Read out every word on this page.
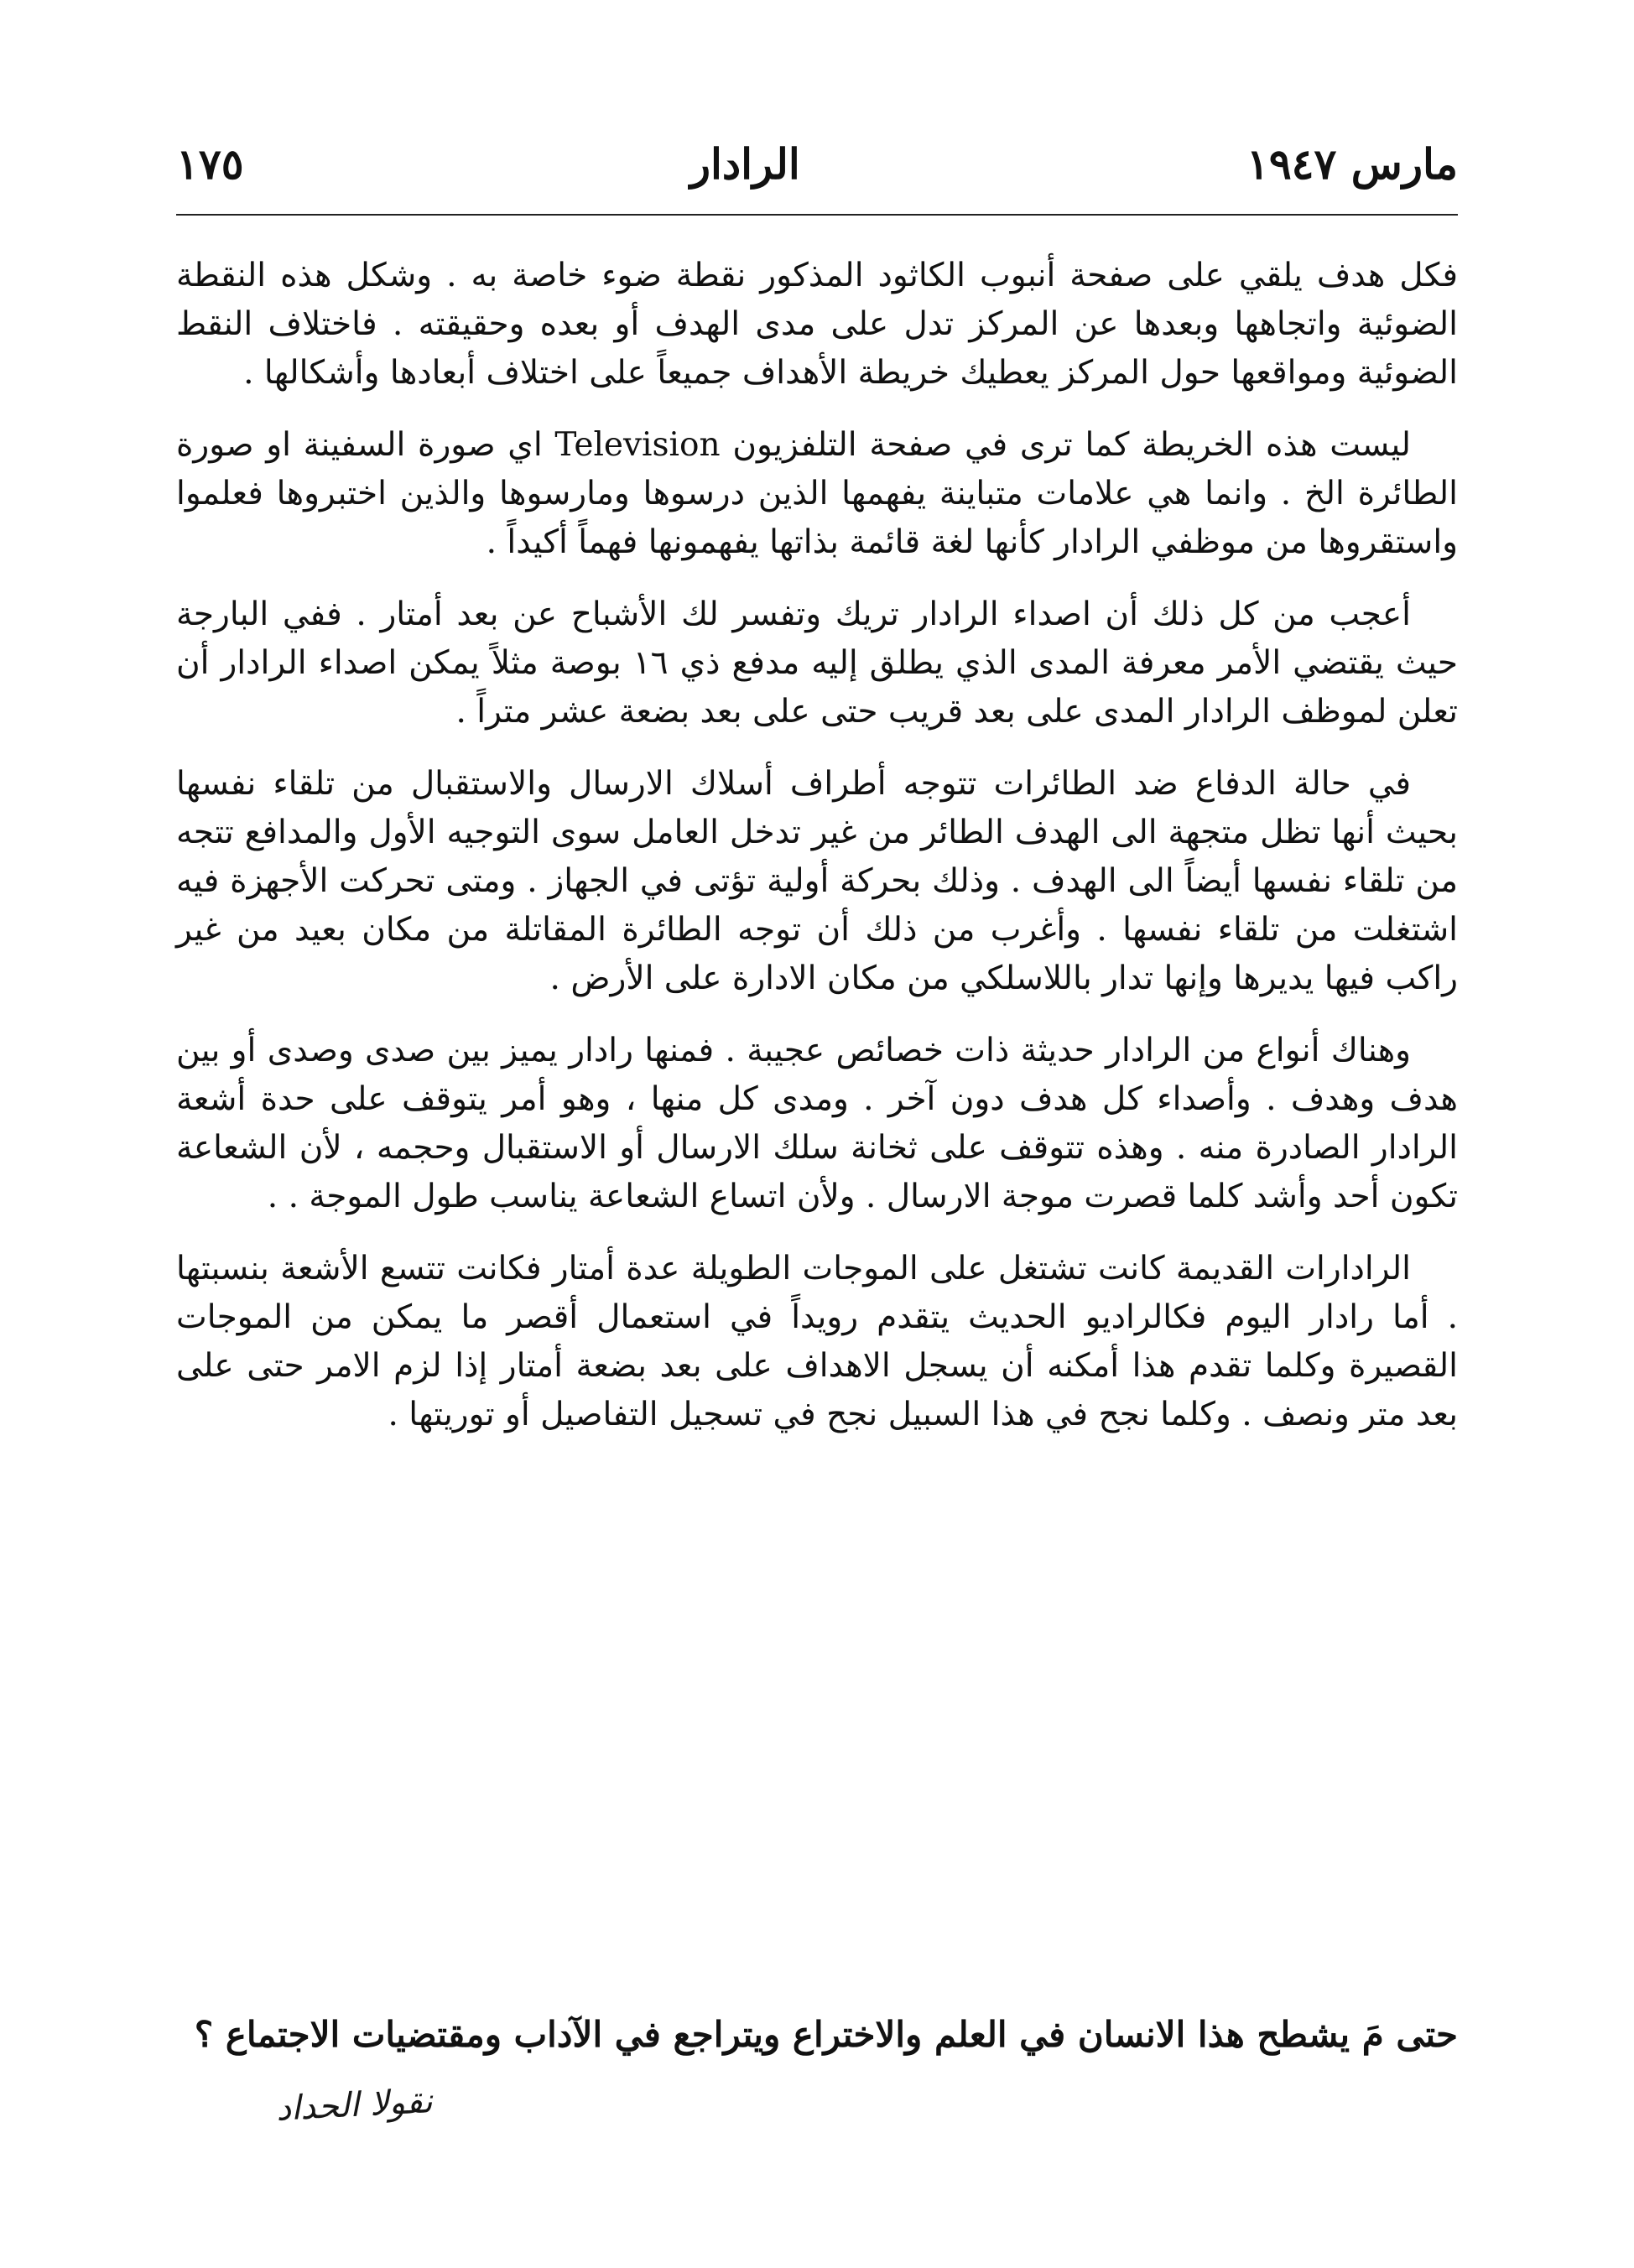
مارس ١٩٤٧
الرادار
١٧٥

فكل هدف يلقي على صفحة أنبوب الكاثود المذكور نقطة ضوء خاصة به . وشكل هذه النقطة الضوئية واتجاهها وبعدها عن المركز تدل على مدى الهدف أو بعده وحقيقته . فاختلاف النقط الضوئية ومواقعها حول المركز يعطيك خريطة الأهداف جميعاً على اختلاف أبعادها وأشكالها .

ليست هذه الخريطة كما ترى في صفحة التلفزيون Television اي صورة السفينة او صورة الطائرة الخ . وانما هي علامات متباينة يفهمها الذين درسوها ومارسوها والذين اختبروها فعلموا واستقروها من موظفي الرادار كأنها لغة قائمة بذاتها يفهمونها فهماً أكيداً .

أعجب من كل ذلك أن اصداء الرادار تريك وتفسر لك الأشباح عن بعد أمتار . ففي البارجة حيث يقتضي الأمر معرفة المدى الذي يطلق إليه مدفع ذي ١٦ بوصة مثلاً يمكن اصداء الرادار أن تعلن لموظف الرادار المدى على بعد قريب حتى على بعد بضعة عشر متراً .

في حالة الدفاع ضد الطائرات تتوجه أطراف أسلاك الارسال والاستقبال من تلقاء نفسها بحيث أنها تظل متجهة الى الهدف الطائر من غير تدخل العامل سوى التوجيه الأول والمدافع تتجه من تلقاء نفسها أيضاً الى الهدف . وذلك بحركة أولية تؤتى في الجهاز . ومتى تحركت الأجهزة فيه اشتغلت من تلقاء نفسها . وأغرب من ذلك أن توجه الطائرة المقاتلة من مكان بعيد من غير راكب فيها يديرها وإنها تدار باللاسلكي من مكان الادارة على الأرض .

وهناك أنواع من الرادار حديثة ذات خصائص عجيبة . فمنها رادار يميز بين صدى وصدى أو بين هدف وهدف . وأصداء كل هدف دون آخر . ومدى كل منها ، وهو أمر يتوقف على حدة أشعة الرادار الصادرة منه . وهذه تتوقف على ثخانة سلك الارسال أو الاستقبال وحجمه ، لأن الشعاعة تكون أحد وأشد كلما قصرت موجة الارسال . ولأن اتساع الشعاعة يناسب طول الموجة . .

الرادارات القديمة كانت تشتغل على الموجات الطويلة عدة أمتار فكانت تتسع الأشعة بنسبتها . أما رادار اليوم فكالراديو الحديث يتقدم رويداً في استعمال أقصر ما يمكن من الموجات القصيرة وكلما تقدم هذا أمكنه أن يسجل الاهداف على بعد بضعة أمتار إذا لزم الامر حتى على بعد متر ونصف . وكلما نجح في هذا السبيل نجح في تسجيل التفاصيل أو توريتها .

حتى مَ يشطح هذا الانسان في العلم والاختراع ويتراجع في الآداب ومقتضيات الاجتماع ؟
نقولا الحداد
